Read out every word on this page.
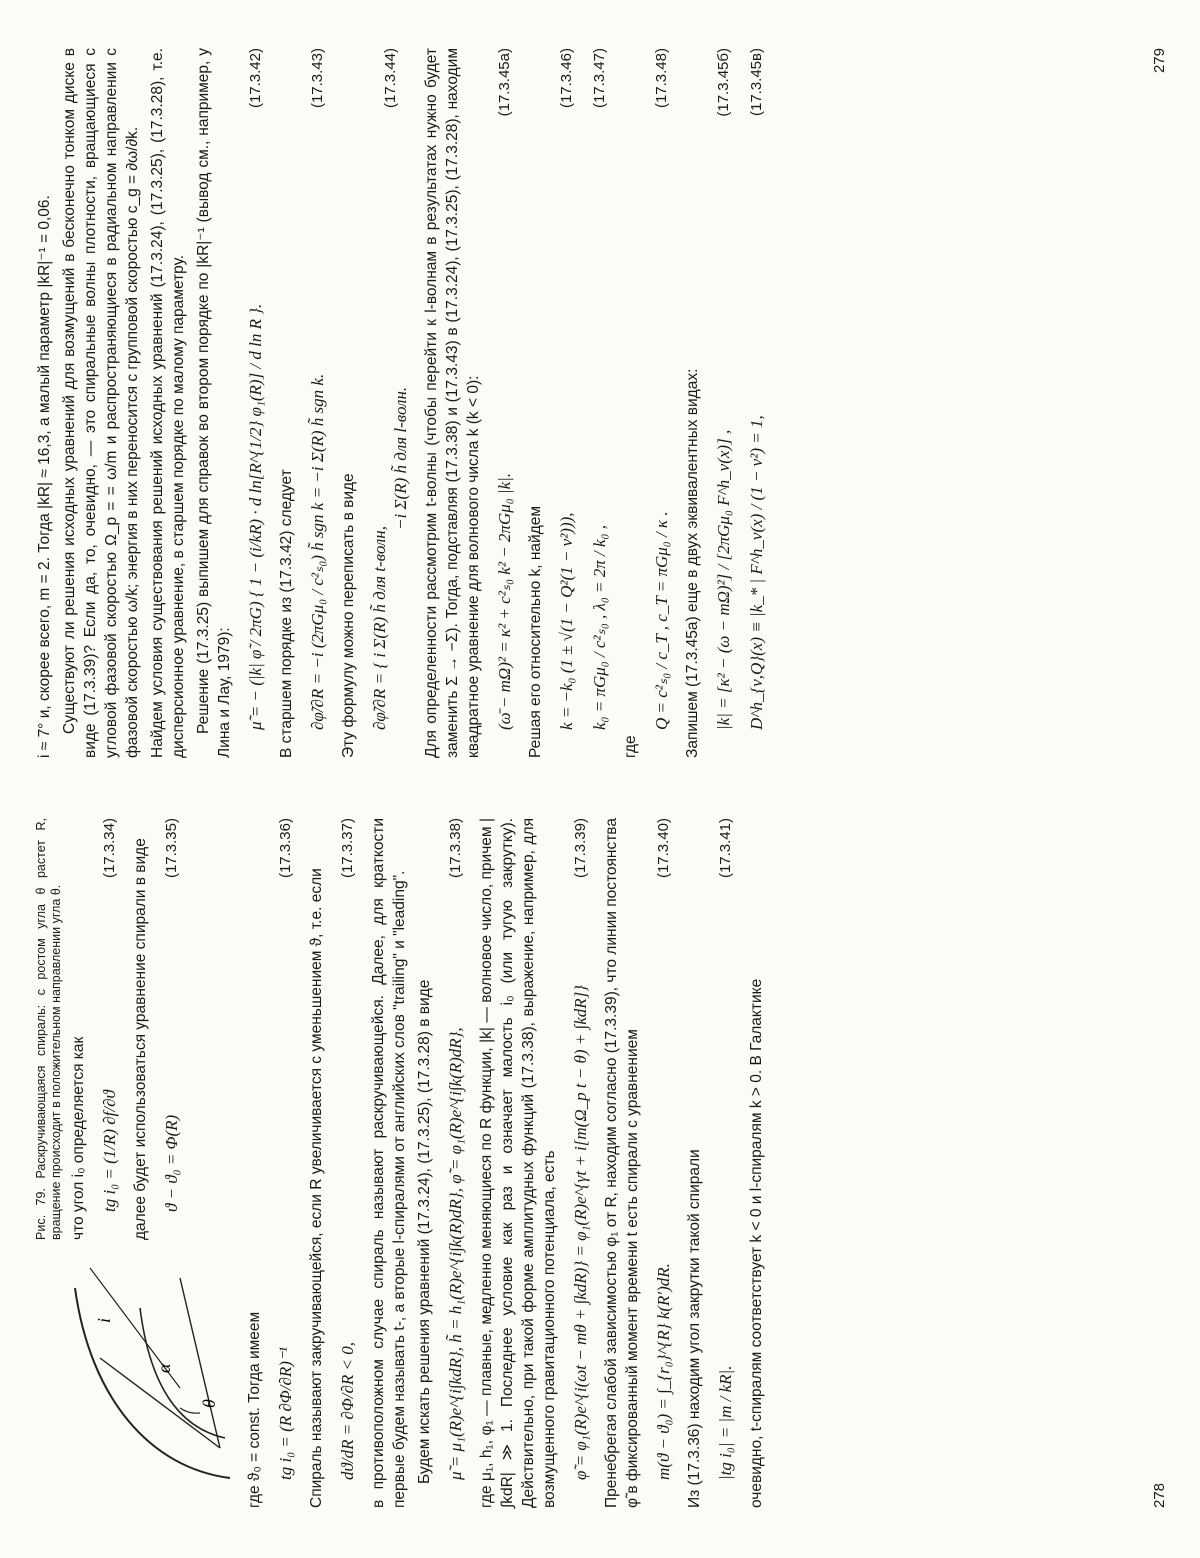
i
α
θ

Рис. 79. Раскручивающаяся спираль: с ростом угла θ растет R, вращение происходит в положительном направлении угла θ. что угол i₀ определяется как tg i₀ = (1/R) ∂f/∂ϑ
(17.3.34) далее будет использоваться уравнение спирали в виде ϑ − ϑ₀ = Φ(R)
(17.3.35)

где ϑ₀ = const. Тогда имеем tg i₀ = (R ∂Φ/∂R)⁻¹
(17.3.36)

Спираль называют закручивающейся, если R увеличивается с уменьшением ϑ, т.е. если dϑ/dR = ∂Φ/∂R < 0,
(17.3.37) в противоположном случае спираль называют раскручивающейся. Далее, для краткости первые будем называть t-, а вторые l-спиралями от английских слов "trailing" и "leading". Будем искать решения уравнений (17.3.24), (17.3.25), (17.3.28) в виде μ̃ = μ₁(R)e^{i∫kdR}, h̃ = h₁(R)e^{i∫k(R)dR}, φ̃ = φ₁(R)e^{i∫k(R)dR},
(17.3.38) где μ₁, h₁, φ₁ — плавные, медленно меняющиеся по R функции, |k| — волновое число, причем |∫kdR| ≫ 1. Последнее условие как раз и означает малость i₀ (или тугую закрутку). Действительно, при такой форме амплитудных функций (17.3.38), выражение, например, для возмущенного гравитационного потенциала, есть φ̃ = φ₁(R)e^{i(ωt − mθ + ∫kdR)} = φ₁(R)e^{γt + i[m(Ω_p t − θ) + ∫kdR]}
(17.3.39) Пренебрегая слабой зависимостью φ₁ от R, находим согласно (17.3.39), что линии постоянства φ̃ в фиксированный момент времени t есть спирали с уравнением m(ϑ − ϑ₀) = ∫_{r₀}^{R} k(R′)dR.
(17.3.40)

Из (17.3.36) находим угол закрутки такой спирали |tg i₀| = |m / kR|.
(17.3.41)

очевидно, t-спиралям соответствует k < 0 и l-спиралям k > 0. В Галактике	278

i ≈ 7° и, скорее всего, m = 2. Тогда |kR| ≈ 16,3, а малый параметр |kR|⁻¹ = 0,06. Существуют ли решения исходных уравнений для возмущений в бесконечно тонком диске в виде (17.3.39)? Если да, то, очевидно, — это спиральные волны плотности, вращающиеся с угловой фазовой скоростью Ω_p = = ω/m и распространяющиеся в радиальном направлении с фазовой скоростью ω/k; энергия в них переносится с групповой скоростью c_g = ∂ω/∂k. Найдем условия существования решений исходных уравнений (17.3.24), (17.3.25), (17.3.28), т.е. дисперсионное уравнение, в старшем порядке по малому параметру. Решение (17.3.25) выпишем для справок во втором порядке по |kR|⁻¹ (вывод см., например, у Лина и Лау, 1979): μ̃ = − (|k| φ̃ / 2πG) { 1 − (i/kR) · d ln[R^{1/2} φ₁(R)] / d ln R }.
(17.3.42)

В старшем порядке из (17.3.42) следует ∂φ̃/∂R = −i (2πGμ₀ / c²ₛ₀) h̃ sgn k = −i Σ(R) h̃ sgn k.
(17.3.43)

Эту формулу можно переписать в виде ∂φ̃/∂R = { i Σ(R) h̃ для t-волн,
−i Σ(R) h̃ для l-волн.
(17.3.44) Для определенности рассмотрим t-волны (чтобы перейти к l-волнам в результатах нужно будет заменить Σ → −Σ). Тогда, подставляя (17.3.38) и (17.3.43) в (17.3.24), (17.3.25), (17.3.28), находим квадратное уравнение для волнового числа k (k < 0): (ω̄ − mΩ)² = κ² + c²ₛ₀ k² − 2πGμ₀ |k|.
(17.3.45а)

Решая его относительно k, найдем k = −k₀ (1 ± √(1 − Q²(1 − ν²))),
(17.3.46)
k₀ = πGμ₀ / c²ₛ₀ , λ₀ = 2π / k₀ ,
(17.3.47)

где

Q = c²ₛ₀ / c_T , c_T = πGμ₀ / κ .
(17.3.48)

Запишем (17.3.45а) еще в двух эквивалентных видах: |k| = [κ² − (ω − mΩ)²] / [2πGμ₀ F^h_ν(x)] ,
(17.3.45б)
D^h_{ν,Q}(x) ≡ |k_* | F^h_ν(x) / (1 − ν²) = 1,
(17.3.45в)	279
